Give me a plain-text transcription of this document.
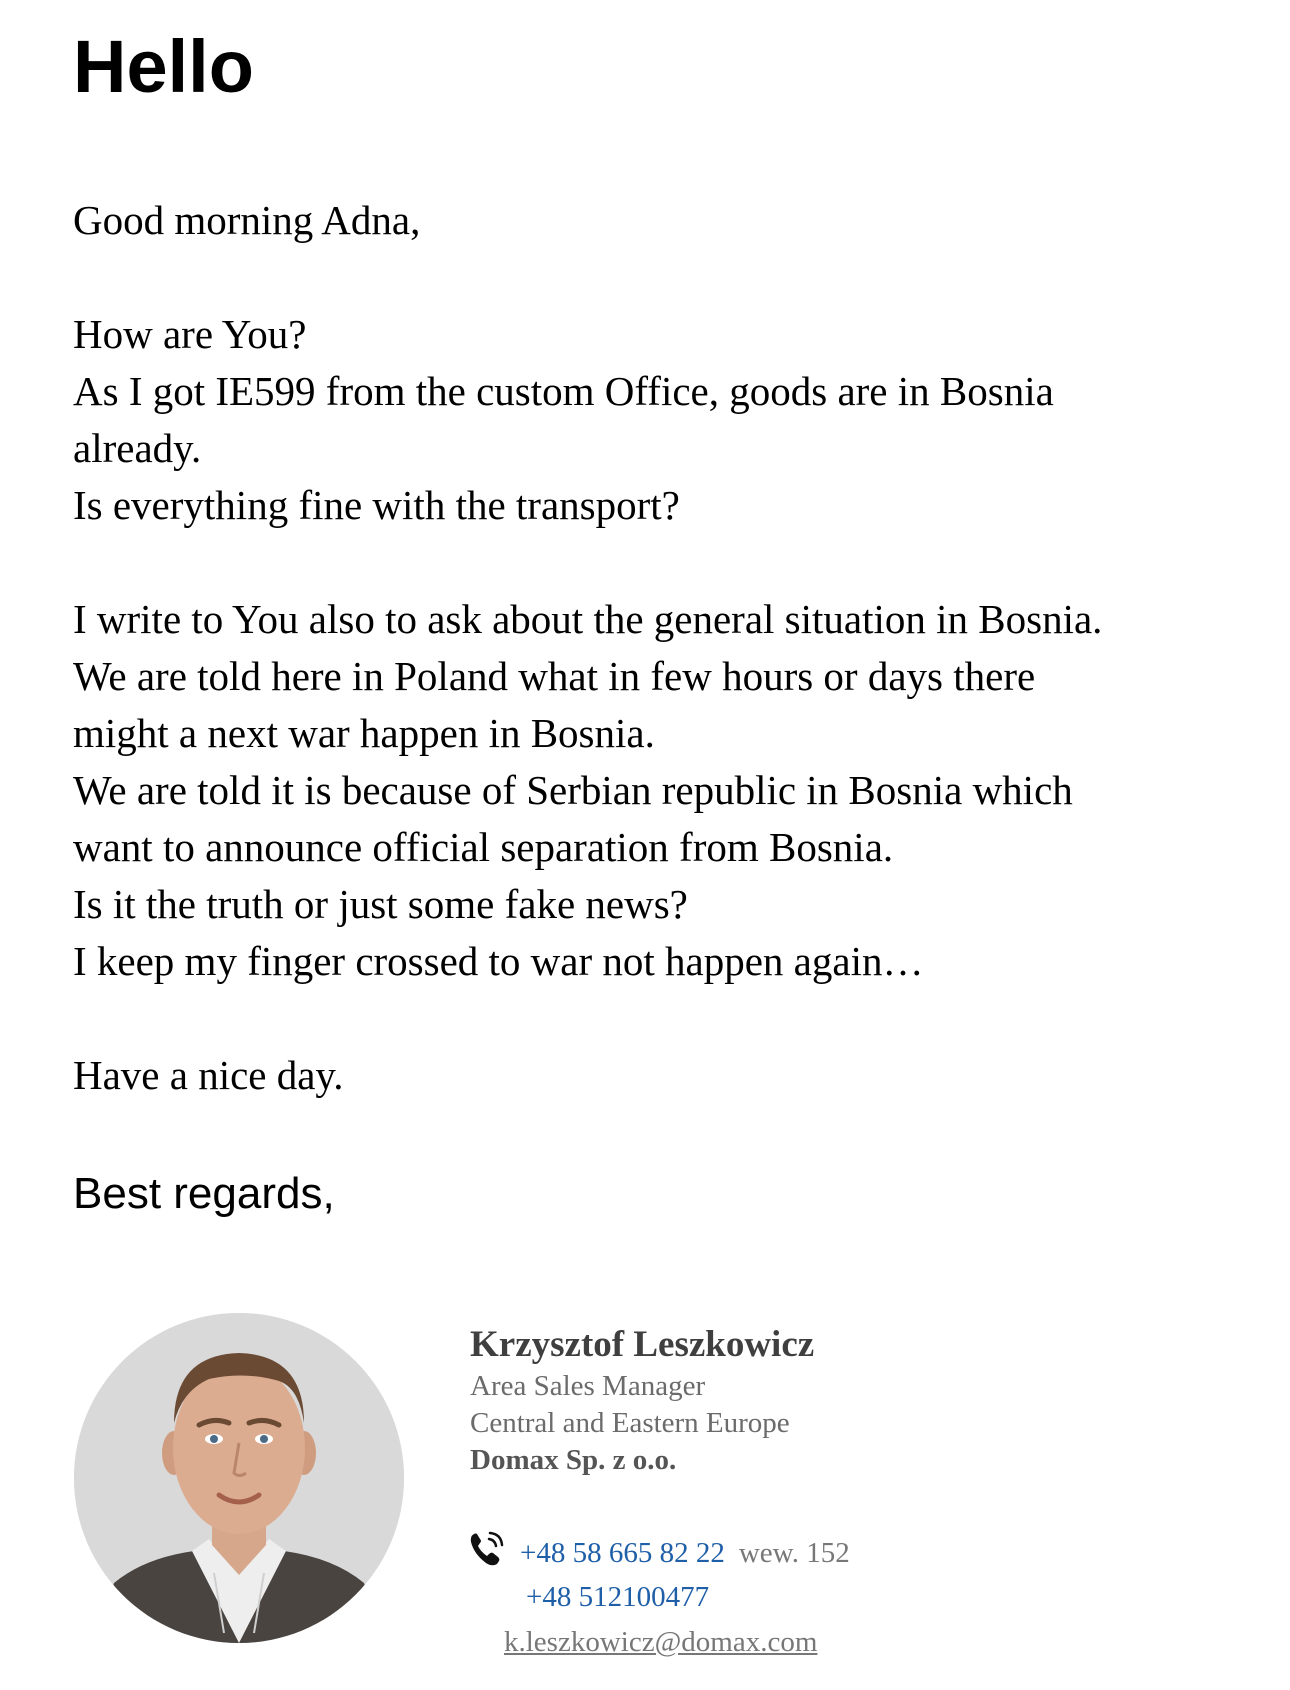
Hello
Good morning Adna,
How are You?
As I got IE599 from the custom Office, goods are in Bosnia
already.
Is everything fine with the transport?
I write to You also to ask about the general situation in Bosnia.
We are told here in Poland what in few hours or days there
might a next war happen in Bosnia.
We are told it is because of Serbian republic in Bosnia which
want to announce official separation from Bosnia.
Is it the truth or just some fake news?
I keep my finger crossed to war not happen again…
Have a nice day.
Best regards,
Krzysztof Leszkowicz
Area Sales Manager
Central and Eastern Europe
Domax Sp. z o.o.
+48 58 665 82 22 wew. 152
+48 512100477
k.leszkowicz@domax.com
